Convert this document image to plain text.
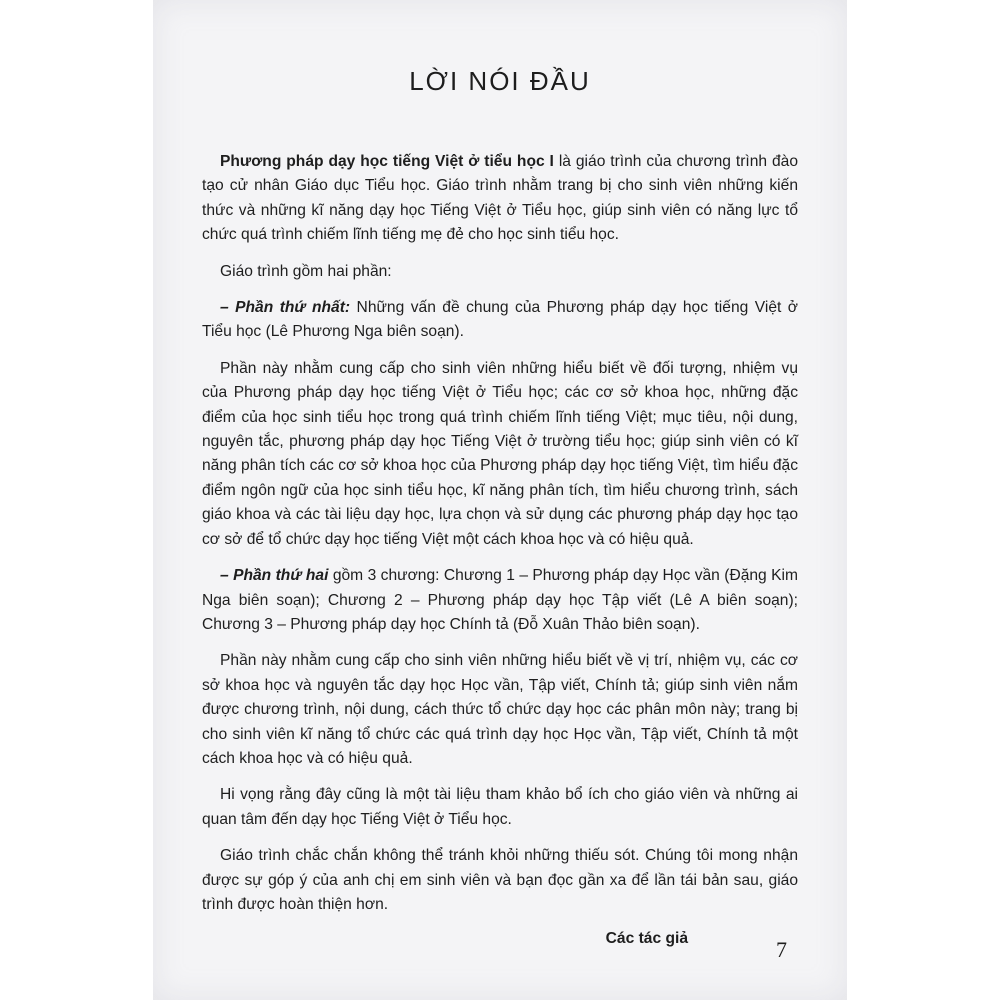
LỜI NÓI ĐẦU

Phương pháp dạy học tiếng Việt ở tiểu học I là giáo trình của chương trình đào tạo cử nhân Giáo dục Tiểu học. Giáo trình nhằm trang bị cho sinh viên những kiến thức và những kĩ năng dạy học Tiếng Việt ở Tiểu học, giúp sinh viên có năng lực tổ chức quá trình chiếm lĩnh tiếng mẹ đẻ cho học sinh tiểu học.

Giáo trình gồm hai phần:

– Phần thứ nhất: Những vấn đề chung của Phương pháp dạy học tiếng Việt ở Tiểu học (Lê Phương Nga biên soạn).

Phần này nhằm cung cấp cho sinh viên những hiểu biết về đối tượng, nhiệm vụ của Phương pháp dạy học tiếng Việt ở Tiểu học; các cơ sở khoa học, những đặc điểm của học sinh tiểu học trong quá trình chiếm lĩnh tiếng Việt; mục tiêu, nội dung, nguyên tắc, phương pháp dạy học Tiếng Việt ở trường tiểu học; giúp sinh viên có kĩ năng phân tích các cơ sở khoa học của Phương pháp dạy học tiếng Việt, tìm hiểu đặc điểm ngôn ngữ của học sinh tiểu học, kĩ năng phân tích, tìm hiểu chương trình, sách giáo khoa và các tài liệu dạy học, lựa chọn và sử dụng các phương pháp dạy học tạo cơ sở để tổ chức dạy học tiếng Việt một cách khoa học và có hiệu quả.

– Phần thứ hai gồm 3 chương: Chương 1 – Phương pháp dạy Học vần (Đặng Kim Nga biên soạn); Chương 2 – Phương pháp dạy học Tập viết (Lê A biên soạn); Chương 3 – Phương pháp dạy học Chính tả (Đỗ Xuân Thảo biên soạn).

Phần này nhằm cung cấp cho sinh viên những hiểu biết về vị trí, nhiệm vụ, các cơ sở khoa học và nguyên tắc dạy học Học vần, Tập viết, Chính tả; giúp sinh viên nắm được chương trình, nội dung, cách thức tổ chức dạy học các phân môn này; trang bị cho sinh viên kĩ năng tổ chức các quá trình dạy học Học vần, Tập viết, Chính tả một cách khoa học và có hiệu quả.

Hi vọng rằng đây cũng là một tài liệu tham khảo bổ ích cho giáo viên và những ai quan tâm đến dạy học Tiếng Việt ở Tiểu học.

Giáo trình chắc chắn không thể tránh khỏi những thiếu sót. Chúng tôi mong nhận được sự góp ý của anh chị em sinh viên và bạn đọc gần xa để lần tái bản sau, giáo trình được hoàn thiện hơn.

Các tác giả	7
